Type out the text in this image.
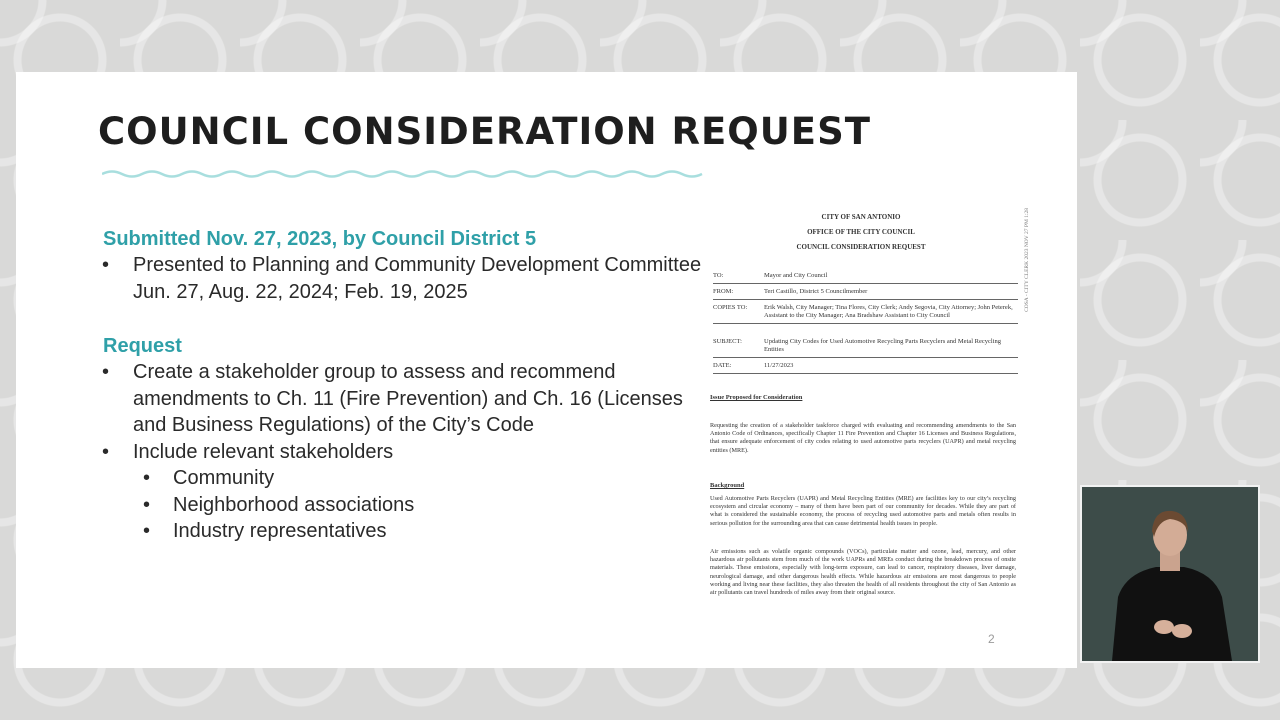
COUNCIL CONSIDERATION REQUEST

Submitted Nov. 27, 2023, by Council District 5

• Presented to Planning and Community Development Committee Jun. 27, Aug. 22, 2024; Feb. 19, 2025

Request

• Create a stakeholder group to assess and recommend amendments to Ch. 11 (Fire Prevention) and Ch. 16 (Licenses and Business Regulations) of the City’s Code
• Include relevant stakeholders
• Community
• Neighborhood associations
• Industry representatives
COSA - CITY CLERK 2023 NOV 27 PM 1:28
CITY OF SAN ANTONIO
OFFICE OF THE CITY COUNCIL
COUNCIL CONSIDERATION REQUEST
TO:	Mayor and City Council
FROM:	Teri Castillo, District 5 Councilmember
COPIES TO:	Erik Walsh, City Manager; Tina Flores, City Clerk; Andy Segovia, City Attorney; John Peterek, Assistant to the City Manager; Ana Bradshaw Assistant to City Council
SUBJECT:	Updating City Codes for Used Automotive Recycling Parts Recyclers and Metal Recycling Entities
DATE:	11/27/2023
Issue Proposed for Consideration
Requesting the creation of a stakeholder taskforce charged with evaluating and recommending amendments to the San Antonio Code of Ordinances, specifically Chapter 11 Fire Prevention and Chapter 16 Licenses and Business Regulations, that ensure adequate enforcement of city codes relating to used automotive parts recyclers (UAPR) and metal recycling entities (MRE).
Background
Used Automotive Parts Recyclers (UAPR) and Metal Recycling Entities (MRE) are facilities key to our city’s recycling ecosystem and circular economy – many of them have been part of our community for decades. While they are part of what is considered the sustainable economy, the process of recycling used automotive parts and metals often results in serious pollution for the surrounding area that can cause detrimental health issues in people.
Air emissions such as volatile organic compounds (VOCs), particulate matter and ozone, lead, mercury, and other hazardous air pollutants stem from much of the work UAPRs and MREs conduct during the breakdown process of onsite materials. These emissions, especially with long-term exposure, can lead to cancer, respiratory diseases, liver damage, neurological damage, and other dangerous health effects. While hazardous air emissions are most dangerous to people working and living near these facilities, they also threaten the health of all residents throughout the city of San Antonio as air pollutants can travel hundreds of miles away from their original source.
2
